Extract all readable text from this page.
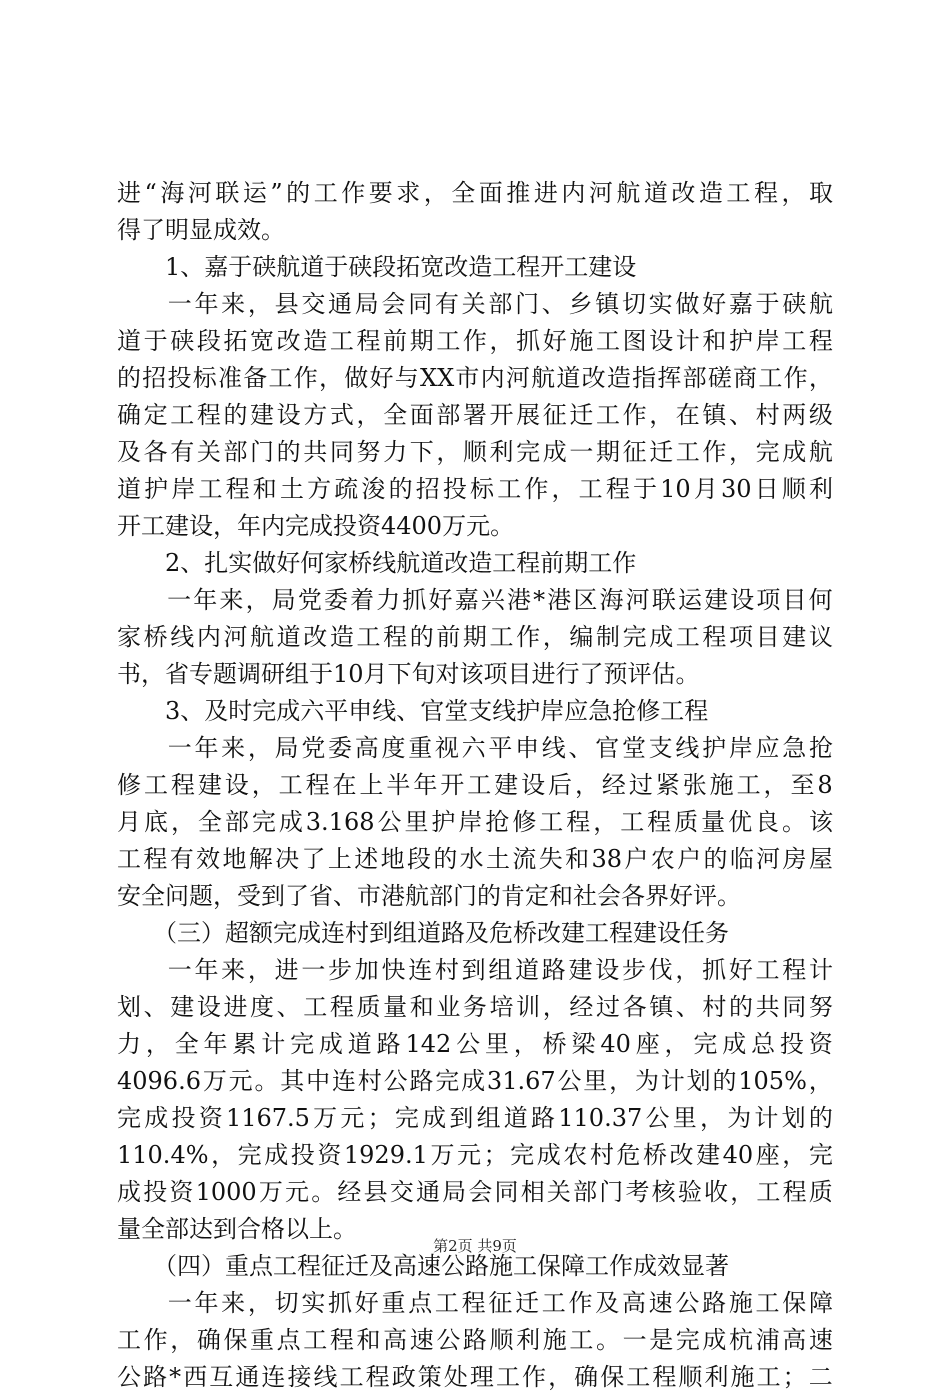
进 “ 海 河 联 运 ” 的 工 作 要 求 ， 全 面 推 进 内 河 航 道 改 造 工 程 ， 取
得了明显成效。
　　1、嘉于硖航道于硖段拓宽改造工程开工建设

一 年 来 ， 县 交 通 局 会 同 有 关 部 门 、 乡 镇 切 实 做 好 嘉 于 硖 航
道 于 硖 段 拓 宽 改 造 工 程 前 期 工 作 ， 抓 好 施 工 图 设 计 和 护 岸 工 程
的 招 投 标 准 备 工 作 ， 做 好 与 XX 市 内 河 航 道 改 造 指 挥 部 磋 商 工 作 ，
确 定 工 程 的 建 设 方 式 ， 全 面 部 署 开 展 征 迁 工 作 ， 在 镇 、 村 两 级
及 各 有 关 部 门 的 共 同 努 力 下 ， 顺 利 完 成 一 期 征 迁 工 作 ， 完 成 航
道 护 岸 工 程 和 土 方 疏 浚 的 招 投 标 工 作 ， 工 程 于 10 月 30 日 顺 利
开工建设，年内完成投资4400万元。
　　2、扎实做好何家桥线航道改造工程前期工作

一 年 来 ， 局 党 委 着 力 抓 好 嘉 兴 港 * 港 区 海 河 联 运 建 设 项 目 何
家 桥 线 内 河 航 道 改 造 工 程 的 前 期 工 作 ， 编 制 完 成 工 程 项 目 建 议
书，省专题调研组于10月下旬对该项目进行了预评估。
　　3、及时完成六平申线、官堂支线护岸应急抢修工程

一 年 来 ， 局 党 委 高 度 重 视 六 平 申 线 、 官 堂 支 线 护 岸 应 急 抢
修 工 程 建 设 ， 工 程 在 上 半 年 开 工 建 设 后 ， 经 过 紧 张 施 工 ， 至 8
月 底 ， 全 部 完 成 3.168 公 里 护 岸 抢 修 工 程 ， 工 程 质 量 优 良 。 该
工 程 有 效 地 解 决 了 上 述 地 段 的 水 土 流 失 和 38 户 农 户 的 临 河 房 屋
安全问题，受到了省、市港航部门的肯定和社会各界好评。
　　（三）超额完成连村到组道路及危桥改建工程建设任务

一 年 来 ， 进 一 步 加 快 连 村 到 组 道 路 建 设 步 伐 ， 抓 好 工 程 计
划 、 建 设 进 度 、 工 程 质 量 和 业 务 培 训 ， 经 过 各 镇 、 村 的 共 同 努
力 ， 全 年 累 计 完 成 道 路 142 公 里 ， 桥 梁 40 座 ， 完 成 总 投 资
4096.6 万 元 。 其 中 连 村 公 路 完 成 31.67 公 里 ， 为 计 划 的 105% ，
完 成 投 资 1167.5 万 元 ； 完 成 到 组 道 路 110.37 公 里 ， 为 计 划 的
110.4% ， 完 成 投 资 1929.1 万 元 ； 完 成 农 村 危 桥 改 建 40 座 ， 完
成 投 资 1000 万 元 。 经 县 交 通 局 会 同 相 关 部 门 考 核 验 收 ， 工 程 质
量全部达到合格以上。
　　（四）重点工程征迁及高速公路施工保障工作成效显著

一 年 来 ， 切 实 抓 好 重 点 工 程 征 迁 工 作 及 高 速 公 路 施 工 保 障
工 作 ， 确 保 重 点 工 程 和 高 速 公 路 顺 利 施 工 。 一 是 完 成 杭 浦 高 速
公 路 * 西 互 通 连 接 线 工 程 政 策 处 理 工 作 ， 确 保 工 程 顺 利 施 工 ； 二
第2页 共9页
